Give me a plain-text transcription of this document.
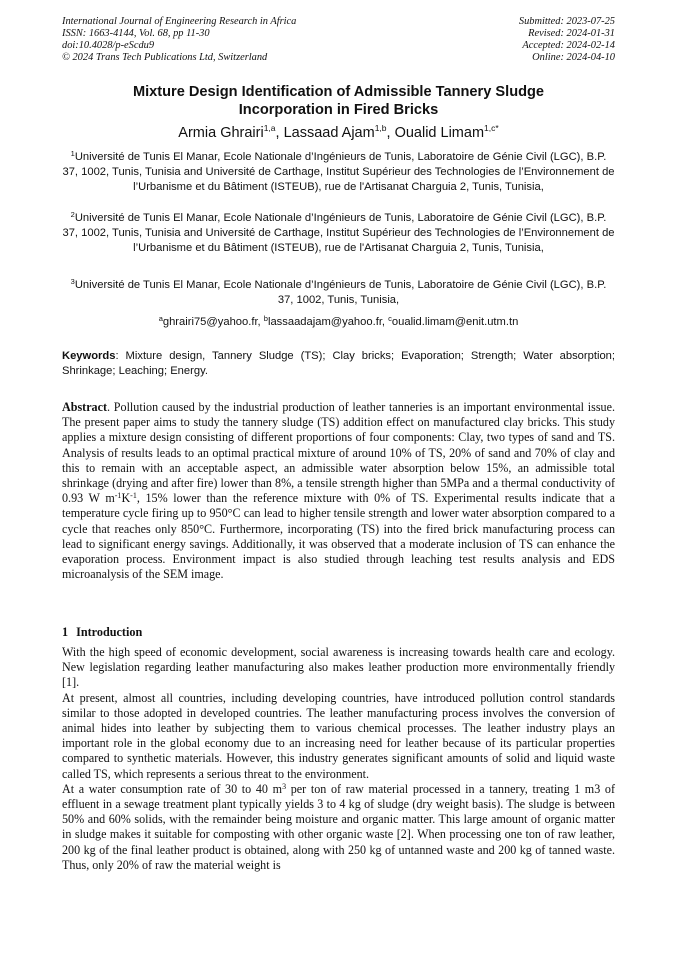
International Journal of Engineering Research in Africa
ISSN: 1663-4144, Vol. 68, pp 11-30
doi:10.4028/p-eScdu9
© 2024 Trans Tech Publications Ltd, Switzerland
Submitted: 2023-07-25
Revised: 2024-01-31
Accepted: 2024-02-14
Online: 2024-04-10
Mixture Design Identification of Admissible Tannery Sludge
Incorporation in Fired Bricks
Armia Ghrairi$^{1,a}$, Lassaad Ajam$^{1,b}$, Oualid Limam$^{1,c*}$
$^1$Université de Tunis El Manar, Ecole Nationale d’Ingénieurs de Tunis, Laboratoire de Génie Civil (LGC), B.P. 37, 1002, Tunis, Tunisia and Université de Carthage, Institut Supérieur des Technologies de l’Environnement de l’Urbanisme et du Bâtiment (ISTEUB), rue de l'Artisanat Charguia 2, Tunis, Tunisia,
$^2$Université de Tunis El Manar, Ecole Nationale d’Ingénieurs de Tunis, Laboratoire de Génie Civil (LGC), B.P. 37, 1002, Tunis, Tunisia and Université de Carthage, Institut Supérieur des Technologies de l’Environnement de l’Urbanisme et du Bâtiment (ISTEUB), rue de l'Artisanat Charguia 2, Tunis, Tunisia,
$^3$Université de Tunis El Manar, Ecole Nationale d’Ingénieurs de Tunis, Laboratoire de Génie Civil (LGC), B.P. 37, 1002, Tunis, Tunisia,
$^a$ghrairi75@yahoo.fr, $^b$lassaadajam@yahoo.fr, $^c$oualid.limam@enit.utm.tn
Keywords: Mixture design, Tannery Sludge (TS); Clay bricks; Evaporation; Strength; Water absorption; Shrinkage; Leaching; Energy.
Abstract. Pollution caused by the industrial production of leather tanneries is an important environmental issue. The present paper aims to study the tannery sludge (TS) addition effect on manufactured clay bricks. This study applies a mixture design consisting of different proportions of four components: Clay, two types of sand and TS. Analysis of results leads to an optimal practical mixture of around 10% of TS, 20% of sand and 70% of clay and this to remain with an acceptable aspect, an admissible water absorption below 15%, an admissible total shrinkage (drying and after fire) lower than 8%, a tensile strength higher than 5MPa and a thermal conductivity of 0.93 W $m^{-1}K^{-1}$, 15% lower than the reference mixture with 0% of TS. Experimental results indicate that a temperature cycle firing up to 950°C can lead to higher tensile strength and lower water absorption compared to a cycle that reaches only 850°C. Furthermore, incorporating (TS) into the fired brick manufacturing process can lead to significant energy savings. Additionally, it was observed that a moderate inclusion of TS can enhance the evaporation process. Environment impact is also studied through leaching test results analysis and EDS microanalysis of the SEM image.
1 Introduction

With the high speed of economic development, social awareness is increasing towards health care and ecology. New legislation regarding leather manufacturing also makes leather production more environmentally friendly [1].

At present, almost all countries, including developing countries, have introduced pollution control standards similar to those adopted in developed countries. The leather manufacturing process involves the conversion of animal hides into leather by subjecting them to various chemical processes. The leather industry plays an important role in the global economy due to an increasing need for leather because of its particular properties compared to synthetic materials. However, this industry generates significant amounts of solid and liquid waste called TS, which represents a serious threat to the environment.

At a water consumption rate of 30 to 40 $m^3$ per ton of raw material processed in a tannery, treating 1 m3 of effluent in a sewage treatment plant typically yields 3 to 4 kg of sludge (dry weight basis). The sludge is between 50% and 60% solids, with the remainder being moisture and organic matter. This large amount of organic matter in sludge makes it suitable for composting with other organic waste [2]. When processing one ton of raw leather, 200 kg of the final leather product is obtained, along with 250 kg of untanned waste and 200 kg of tanned waste. Thus, only 20% of raw the material weight is
